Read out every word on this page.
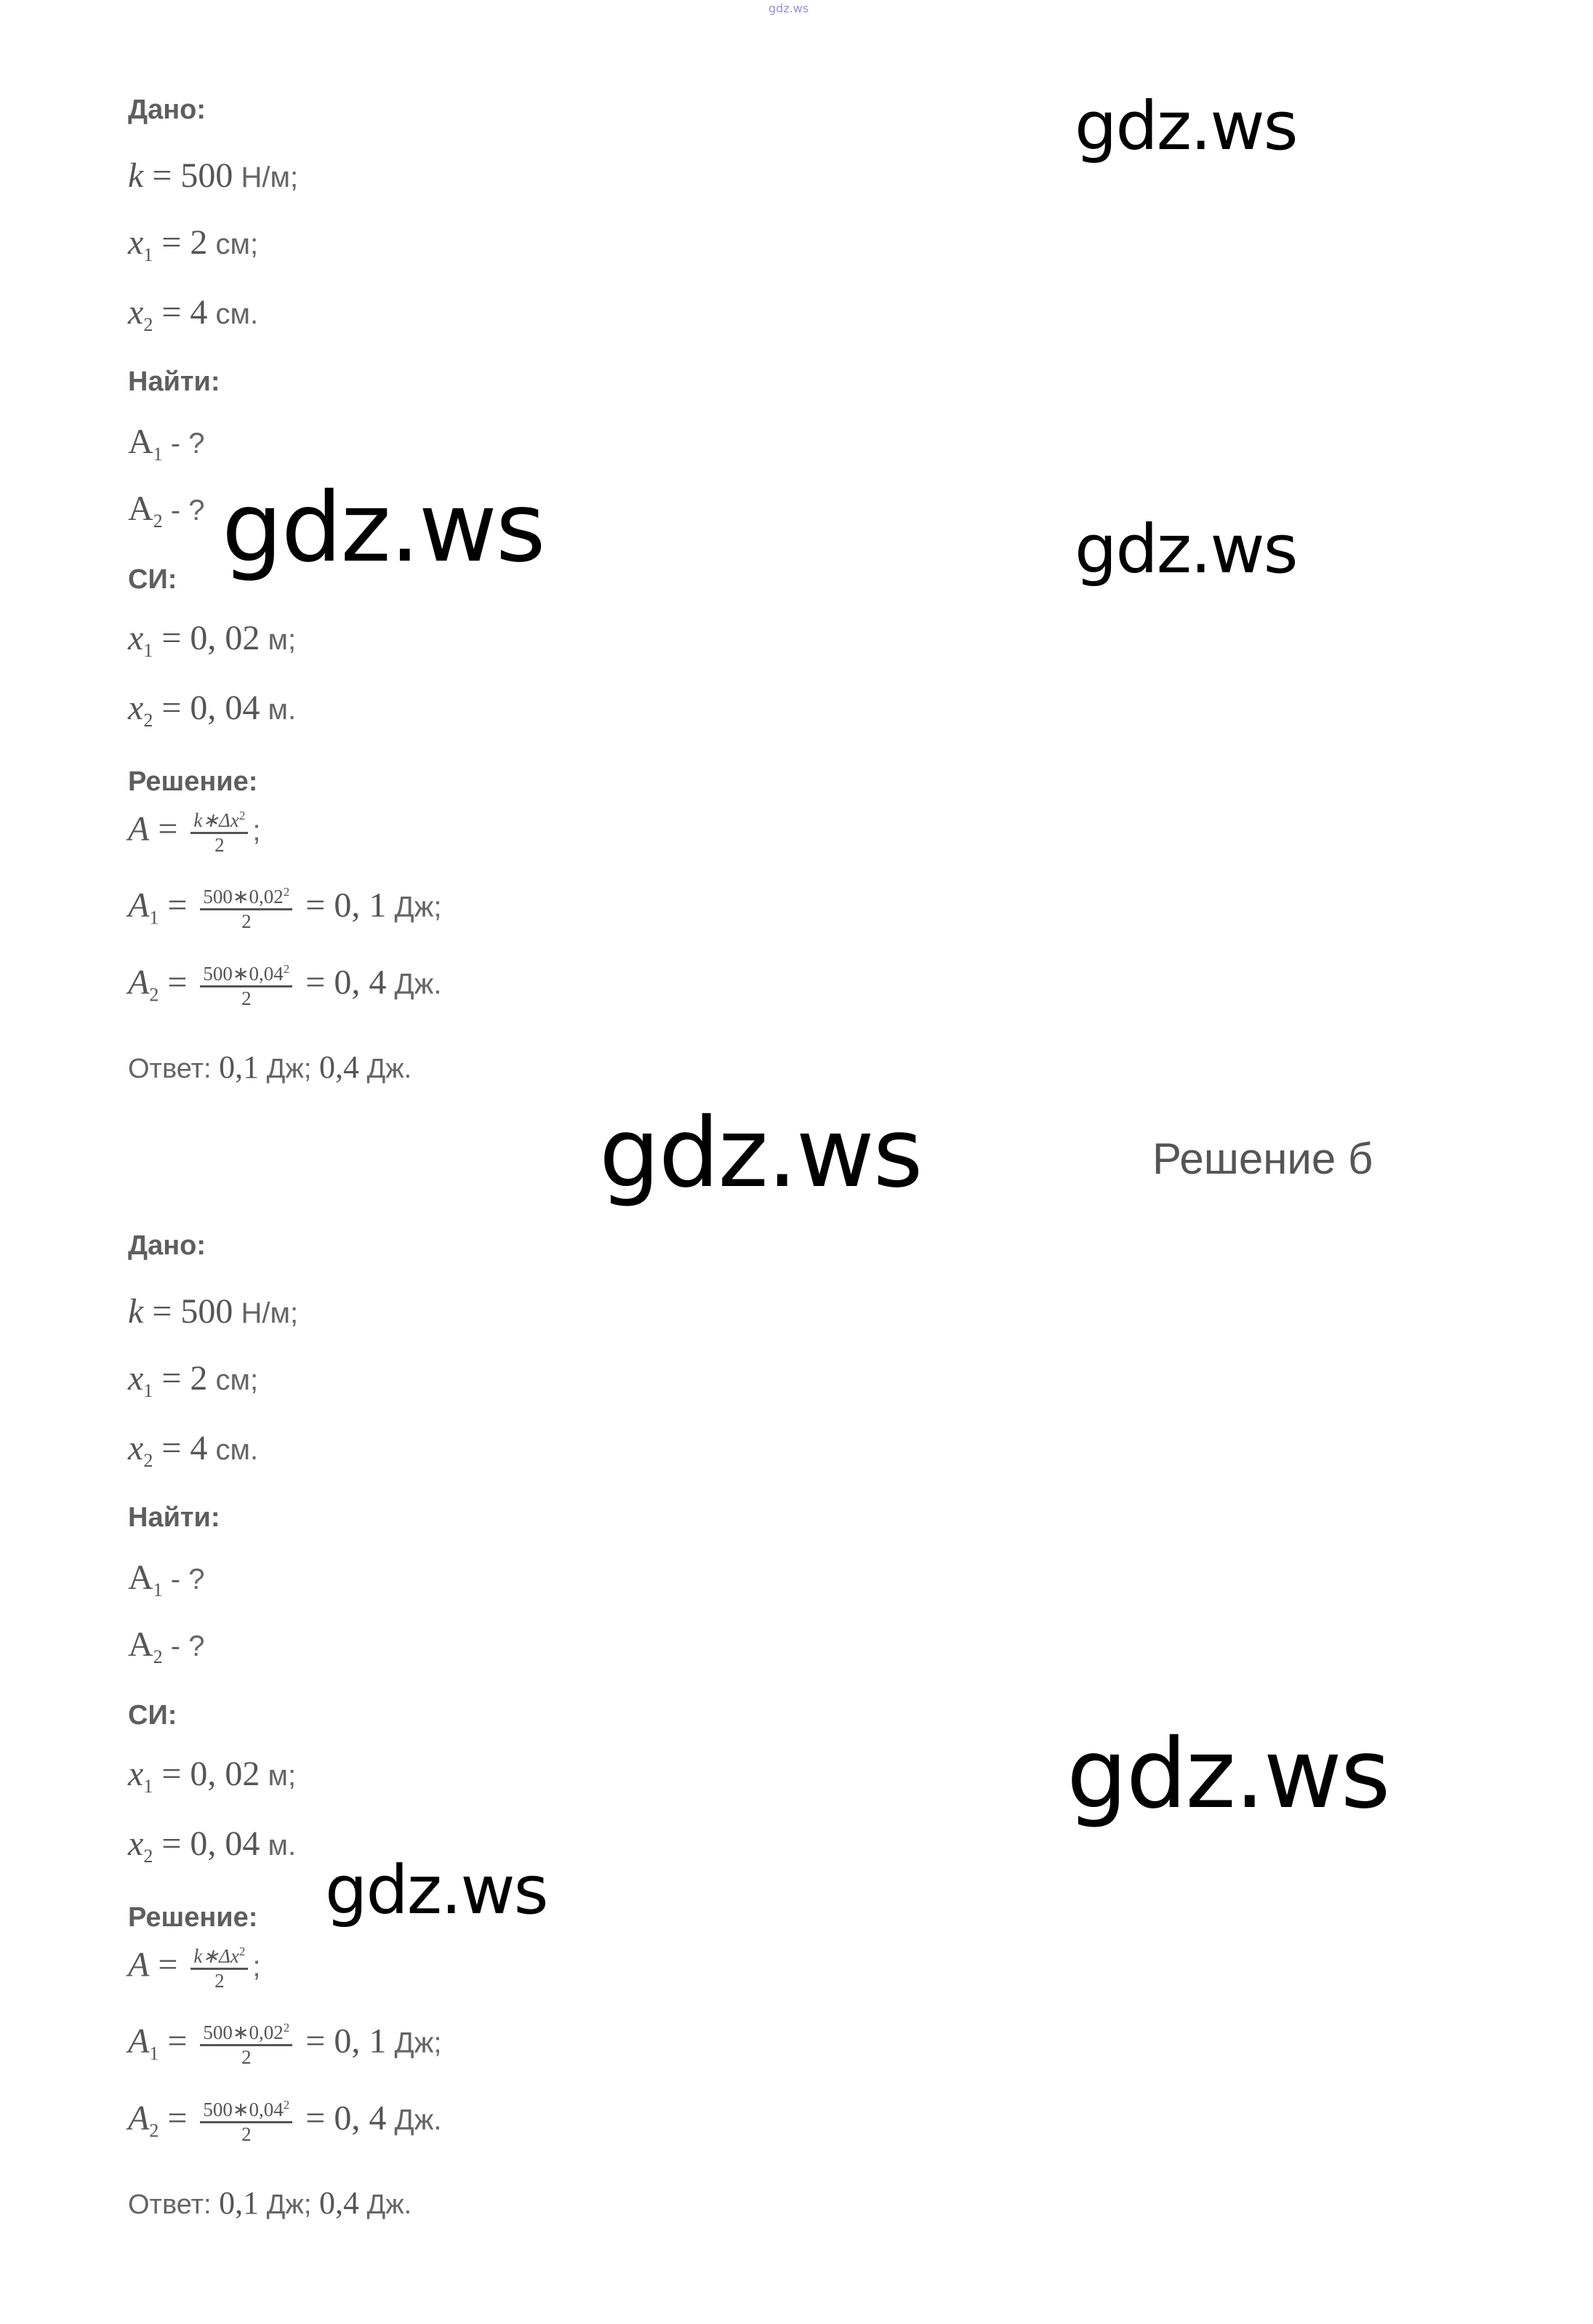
gdz.ws
Дано:
k = 500 Н/м;
$x_1 = 2$ см;
$x_2 = 4$ см.
Найти:
$A_1$ - ?
$A_2$ - ?
СИ:
$x_1 = 0$, 02 м;
$x_2 = 0$, 04 м.
Решение:
$A = \frac{k∗\Delta x^2}{2}$ ;
$A_1 = \frac{500∗0,02^2}{2} = 0$, 1 Дж;
$A_2 = \frac{500∗0,04^2}{2} = 0$, 4 Дж.
Ответ: 0,1 Дж; 0,4 Дж.
Решение б
Дано:
k = 500 Н/м;
$x_1 = 2$ см;
$x_2 = 4$ см.
Найти:
$A_1$ - ?
$A_2$ - ?
СИ:
$x_1 = 0$, 02 м;
$x_2 = 0$, 04 м.
Решение:
$A = \frac{k∗\Delta x^2}{2}$ ;
$A_1 = \frac{500∗0,02^2}{2} = 0$, 1 Дж;
$A_2 = \frac{500∗0,04^2}{2} = 0$, 4 Дж.
Ответ: 0,1 Дж; 0,4 Дж.
gdz.ws
gdz.ws	gdz.ws
gdz.ws
gdz.ws
gdz.ws
